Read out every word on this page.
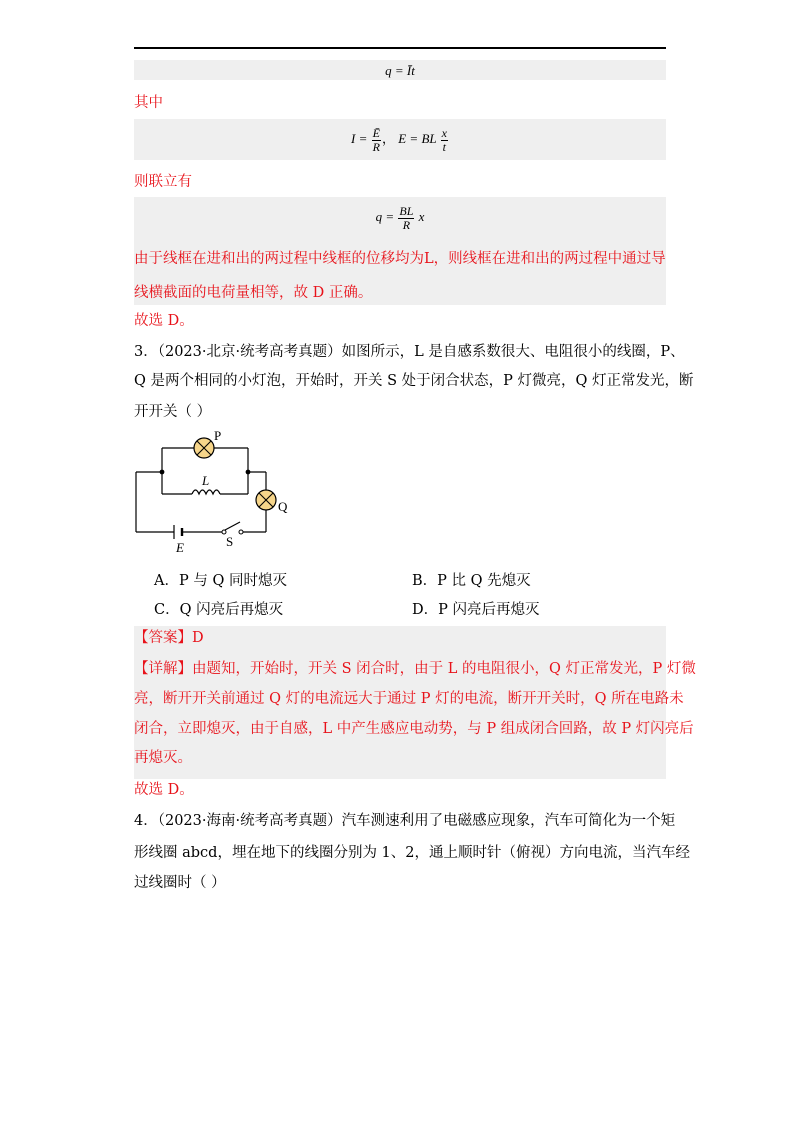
q = Īt
其中
$I = \frac{Ē}{R}$ ， E = BL $\frac{x}{t}$
则联立有
$q = \frac{BL}{R}$ x
由于线框在进和出的两过程中线框的位移均为L，则线框在进和出的两过程中通过导
线横截面的电荷量相等，故 D 正确。
故选 D。
3．（2023·北京·统考高考真题）如图所示，L 是自感系数很大、电阻很小的线圈，P、
Q 是两个相同的小灯泡，开始时，开关 S 处于闭合状态，P 灯微亮，Q 灯正常发光，断
开开关（ ）
P
Q
L
E	S
A．P 与 Q 同时熄灭	B．P 比 Q 先熄灭
C．Q 闪亮后再熄灭	D．P 闪亮后再熄灭
【答案】D
【详解】由题知，开始时，开关 S 闭合时，由于 L 的电阻很小，Q 灯正常发光，P 灯微
亮，断开开关前通过 Q 灯的电流远大于通过 P 灯的电流，断开开关时，Q 所在电路未
闭合，立即熄灭，由于自感，L 中产生感应电动势，与 P 组成闭合回路，故 P 灯闪亮后
再熄灭。
故选 D。
4．（2023·海南·统考高考真题）汽车测速利用了电磁感应现象，汽车可简化为一个矩
形线圈 abcd，埋在地下的线圈分别为 1、2，通上顺时针（俯视）方向电流，当汽车经
过线圈时（ ）
